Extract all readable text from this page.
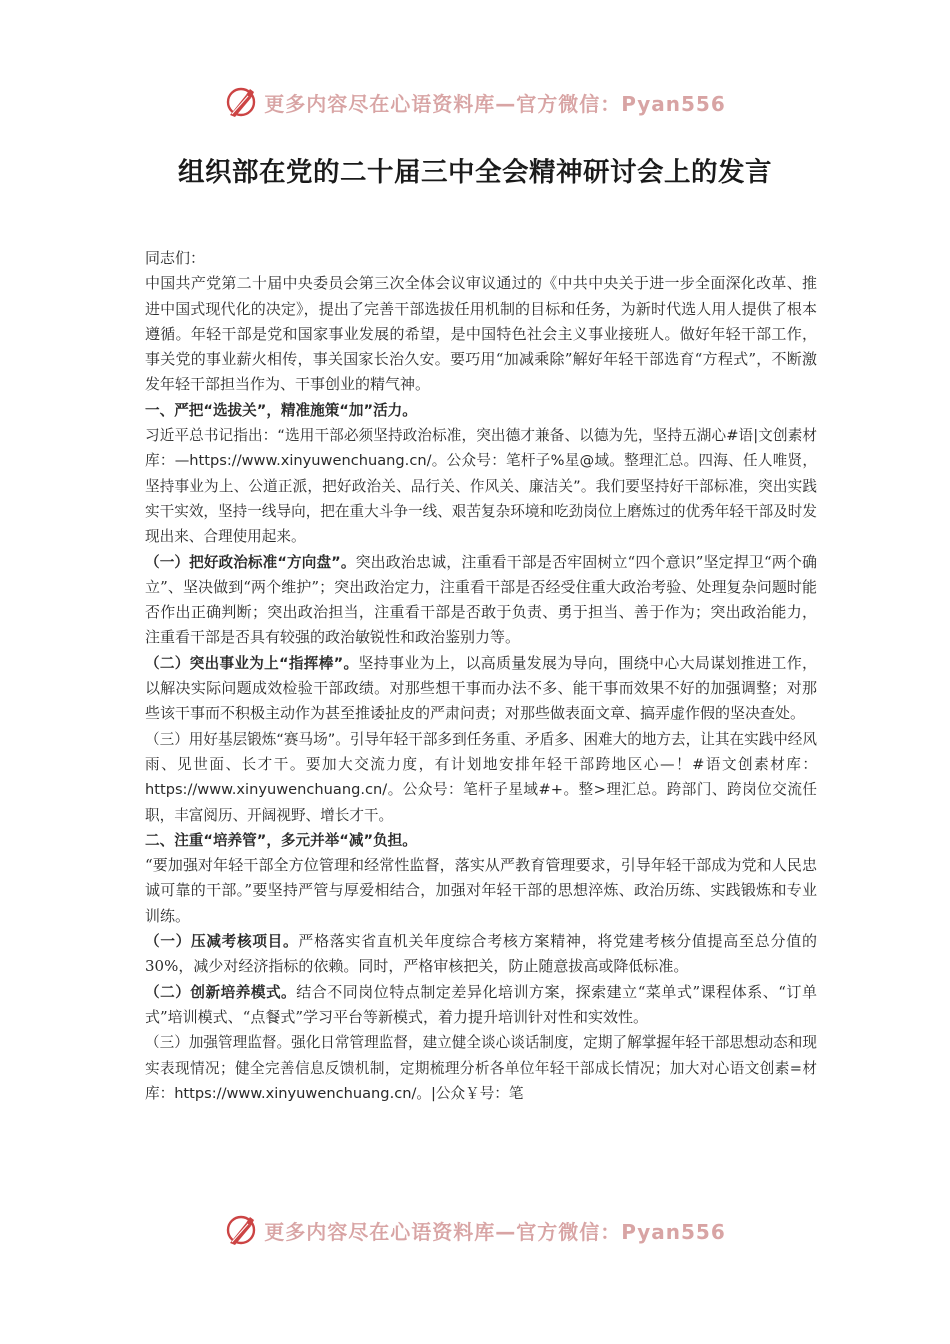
更多内容尽在心语资料库—官方微信：Pyan556
组织部在党的二十届三中全会精神研讨会上的发言

同志们：

中国共产党第二十届中央委员会第三次全体会议审议通过的《中共中央关于进一步全面深化改革、推进中国式现代化的决定》，提出了完善干部选拔任用机制的目标和任务，为新时代选人用人提供了根本遵循。年轻干部是党和国家事业发展的希望，是中国特色社会主义事业接班人。做好年轻干部工作，事关党的事业薪火相传，事关国家长治久安。要巧用“加减乘除”解好年轻干部选育“方程式”，不断激发年轻干部担当作为、干事创业的精气神。

一、严把“选拔关”，精准施策“加”活力。

习近平总书记指出：“选用干部必须坚持政治标准，突出德才兼备、以德为先，坚持五湖心#语|文创素材库：—https://www.xinyuwenchuang.cn/。公众号：笔杆子%星@域。整理汇总。四海、任人唯贤，坚持事业为上、公道正派，把好政治关、品行关、作风关、廉洁关”。我们要坚持好干部标准，突出实践实干实效，坚持一线导向，把在重大斗争一线、艰苦复杂环境和吃劲岗位上磨炼过的优秀年轻干部及时发现出来、合理使用起来。

（一）把好政治标准“方向盘”。突出政治忠诚，注重看干部是否牢固树立“四个意识”坚定捍卫“两个确立”、坚决做到“两个维护”；突出政治定力，注重看干部是否经受住重大政治考验、处理复杂问题时能否作出正确判断；突出政治担当，注重看干部是否敢于负责、勇于担当、善于作为；突出政治能力，注重看干部是否具有较强的政治敏锐性和政治鉴别力等。

（二）突出事业为上“指挥棒”。坚持事业为上，以高质量发展为导向，围绕中心大局谋划推进工作，以解决实际问题成效检验干部政绩。对那些想干事而办法不多、能干事而效果不好的加强调整；对那些该干事而不积极主动作为甚至推诿扯皮的严肃问责；对那些做表面文章、搞弄虚作假的坚决查处。

（三）用好基层锻炼“赛马场”。引导年轻干部多到任务重、矛盾多、困难大的地方去，让其在实践中经风雨、见世面、长才干。要加大交流力度，有计划地安排年轻干部跨地区心—！#语文创素材库：https://www.xinyuwenchuang.cn/。公众号：笔杆子星域#+。整>理汇总。跨部门、跨岗位交流任职，丰富阅历、开阔视野、增长才干。

二、注重“培养管”，多元并举“减”负担。

“要加强对年轻干部全方位管理和经常性监督，落实从严教育管理要求，引导年轻干部成为党和人民忠诚可靠的干部。”要坚持严管与厚爱相结合，加强对年轻干部的思想淬炼、政治历练、实践锻炼和专业训练。

（一）压减考核项目。严格落实省直机关年度综合考核方案精神，将党建考核分值提高至总分值的30%，减少对经济指标的依赖。同时，严格审核把关，防止随意拔高或降低标准。

（二）创新培养模式。结合不同岗位特点制定差异化培训方案，探索建立“菜单式”课程体系、“订单式”培训模式、“点餐式”学习平台等新模式，着力提升培训针对性和实效性。

（三）加强管理监督。强化日常管理监督，建立健全谈心谈话制度，定期了解掌握年轻干部思想动态和现实表现情况；健全完善信息反馈机制，定期梳理分析各单位年轻干部成长情况；加大对心语文创素=材库：https://www.xinyuwenchuang.cn/。|公众￥号：笔

更多内容尽在心语资料库—官方微信：Pyan556
